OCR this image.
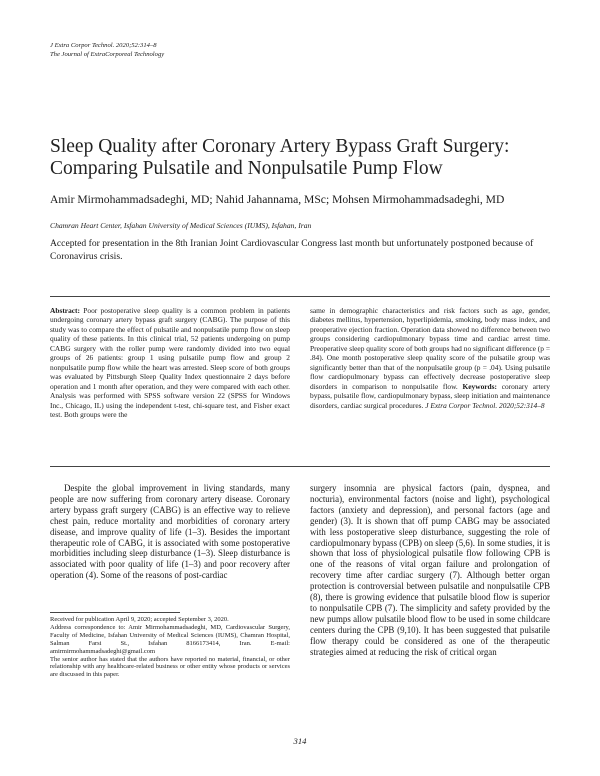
J Extra Corpor Technol. 2020;52:314–8
The Journal of ExtraCorporeal Technology
Sleep Quality after Coronary Artery Bypass Graft Surgery: Comparing Pulsatile and Nonpulsatile Pump Flow
Amir Mirmohammadsadeghi, MD; Nahid Jahannama, MSc; Mohsen Mirmohammadsadeghi, MD
Chamran Heart Center, Isfahan University of Medical Sciences (IUMS), Isfahan, Iran
Accepted for presentation in the 8th Iranian Joint Cardiovascular Congress last month but unfortunately postponed because of Coronavirus crisis.

Abstract: Poor postoperative sleep quality is a common problem in patients undergoing coronary artery bypass graft surgery (CABG). The purpose of this study was to compare the effect of pulsatile and nonpulsatile pump flow on sleep quality of these patients. In this clinical trial, 52 patients undergoing on pump CABG surgery with the roller pump were randomly divided into two equal groups of 26 patients: group 1 using pulsatile pump flow and group 2 nonpulsatile pump flow while the heart was arrested. Sleep score of both groups was evaluated by Pittsburgh Sleep Quality Index questionnaire 2 days before operation and 1 month after operation, and they were compared with each other. Analysis was performed with SPSS software version 22 (SPSS for Windows Inc., Chicago, IL) using the independent t-test, chi-square test, and Fisher exact test. Both groups were the

same in demographic characteristics and risk factors such as age, gender, diabetes mellitus, hypertension, hyperlipidemia, smoking, body mass index, and preoperative ejection fraction. Operation data showed no difference between two groups considering cardiopulmonary bypass time and cardiac arrest time. Preoperative sleep quality score of both groups had no significant difference (p = .84). One month postoperative sleep quality score of the pulsatile group was significantly better than that of the nonpulsatile group (p = .04). Using pulsatile flow cardiopulmonary bypass can effectively decrease postoperative sleep disorders in comparison to nonpulsatile flow. Keywords: coronary artery bypass, pulsatile flow, cardiopulmonary bypass, sleep initiation and maintenance disorders, cardiac surgical procedures. J Extra Corpor Technol. 2020;52:314–8

Despite the global improvement in living standards, many people are now suffering from coronary artery disease. Coronary artery bypass graft surgery (CABG) is an effective way to relieve chest pain, reduce mortality and morbidities of coronary artery disease, and improve quality of life (1–3). Besides the important therapeutic role of CABG, it is associated with some postoperative morbidities including sleep disturbance (1–3). Sleep disturbance is associated with poor quality of life (1–3) and poor recovery after operation (4). Some of the reasons of post-cardiac

surgery insomnia are physical factors (pain, dyspnea, and nocturia), environmental factors (noise and light), psychological factors (anxiety and depression), and personal factors (age and gender) (3). It is shown that off pump CABG may be associated with less postoperative sleep disturbance, suggesting the role of cardiopulmonary bypass (CPB) on sleep (5,6). In some studies, it is shown that loss of physiological pulsatile flow following CPB is one of the reasons of vital organ failure and prolongation of recovery time after cardiac surgery (7). Although better organ protection is controversial between pulsatile and nonpulsatile CPB (8), there is growing evidence that pulsatile blood flow is superior to nonpulsatile CPB (7). The simplicity and safety provided by the new pumps allow pulsatile blood flow to be used in some childcare centers during the CPB (9,10). It has been suggested that pulsatile flow therapy could be considered as one of the therapeutic strategies aimed at reducing the risk of critical organ

Received for publication April 9, 2020; accepted September 3, 2020.

Address correspondence to: Amir Mirmohammadsadeghi, MD, Cardiovascular Surgery, Faculty of Medicine, Isfahan University of Medical Sciences (IUMS), Chamran Hospital, Salman Farsi St., Isfahan 8166173414, Iran. E-mail: amirmirmohammadsadeghi@gmail.com

The senior author has stated that the authors have reported no material, financial, or other relationship with any healthcare-related business or other entity whose products or services are discussed in this paper.

314
